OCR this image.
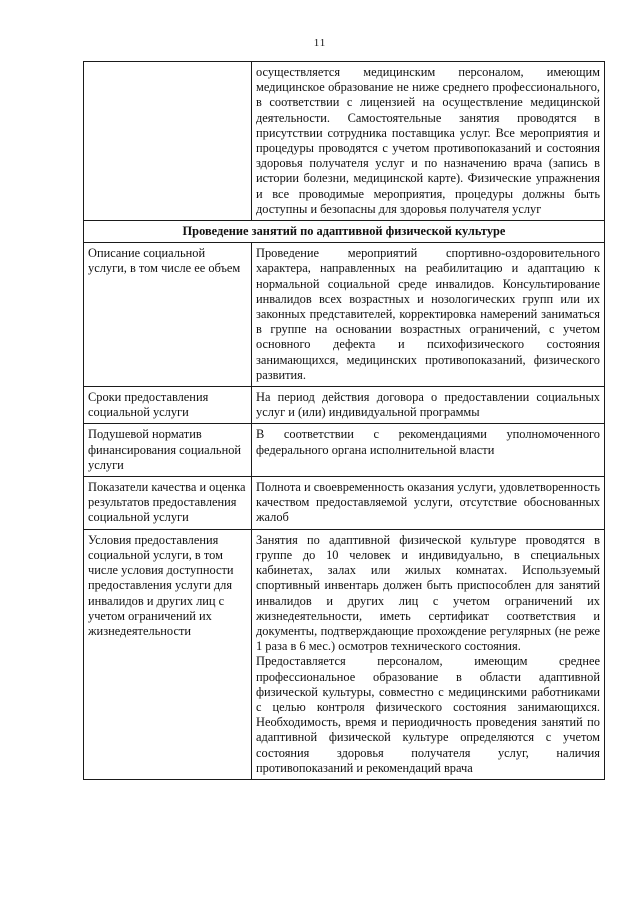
11

	осуществляется медицинским персоналом, имеющим медицинское образование не ниже среднего профессионального, в соответствии с лицензией на осуществление медицинской деятельности. Самостоятельные занятия проводятся в присутствии сотрудника поставщика услуг. Все мероприятия и процедуры проводятся с учетом противопоказаний и состояния здоровья получателя услуг и по назначению врача (запись в истории болезни, медицинской карте). Физические упражнения и все проводимые мероприятия, процедуры должны быть доступны и безопасны для здоровья получателя услуг

Проведение занятий по адаптивной физической культуре	
Описание социальной услуги, в том числе ее объем	Проведение мероприятий спортивно-оздоровительного характера, направленных на реабилитацию и адаптацию к нормальной социальной среде инвалидов. Консультирование инвалидов всех возрастных и нозологических групп или их законных представителей, корректировка намерений заниматься в группе на основании возрастных ограничений, с учетом основного дефекта и психофизического состояния занимающихся, медицинских противопоказаний, физического развития.

Сроки предоставления социальной услуги	На период действия договора о предоставлении социальных услуг и (или) индивидуальной программы

Подушевой норматив финансирования социальной услуги	В соответствии с рекомендациями уполномоченного федерального органа исполнительной власти

Показатели качества и оценка результатов предоставления социальной услуги	Полнота и своевременность оказания услуги, удовлетворенность качеством предоставляемой услуги, отсутствие обоснованных жалоб

Условия предоставления социальной услуги, в том числе условия доступности предоставления услуги для инвалидов и других лиц с учетом ограничений их жизнедеятельности	Занятия по адаптивной физической культуре проводятся в группе до 10 человек и индивидуально, в специальных кабинетах, залах или жилых комнатах. Используемый спортивный инвентарь должен быть приспособлен для занятий инвалидов и других лиц с учетом ограничений их жизнедеятельности, иметь сертификат соответствия и документы, подтверждающие прохождение регулярных (не реже 1 раза в 6 мес.) осмотров технического состояния.

Предоставляется персоналом, имеющим среднее профессиональное образование в области адаптивной физической культуры, совместно с медицинскими работниками с целью контроля физического состояния занимающихся. Необходимость, время и периодичность проведения занятий по адаптивной физической культуре определяются с учетом состояния здоровья получателя услуг, наличия противопоказаний и рекомендаций врача
